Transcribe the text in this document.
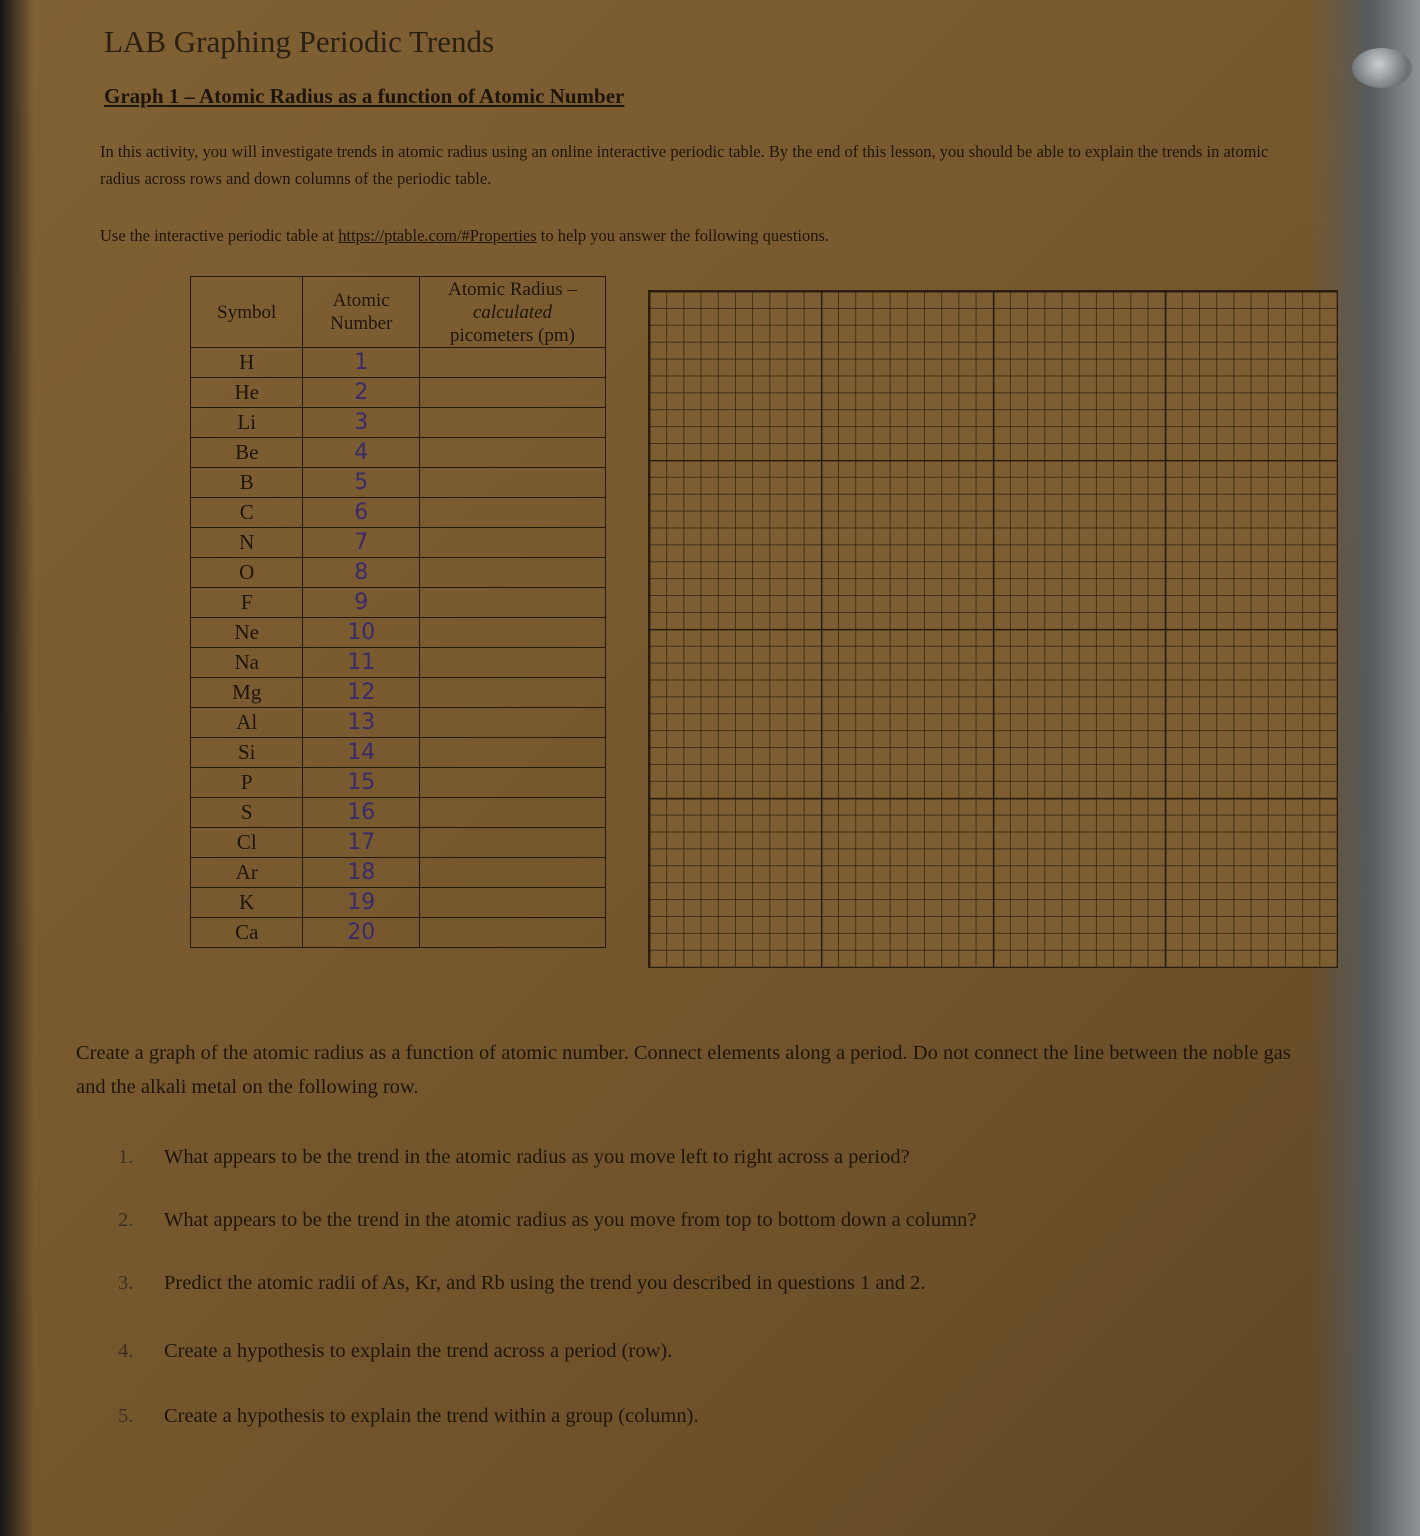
LAB Graphing Periodic Trends
Graph 1 – Atomic Radius as a function of Atomic Number
In this activity, you will investigate trends in atomic radius using an online interactive periodic table. By the end of this lesson, you should be able to explain the trends in atomic radius across rows and down columns of the periodic table.
Use the interactive periodic table at https://ptable.com/#Properties to help you answer the following questions.
Symbol	Atomic Number	Atomic Radius –
calculated
picometers (pm)

H	1	
He	2	
Li	3	
Be	4	
B	5	
C	6	
N	7	
O	8	
F	9	
Ne	10	
Na	11	
Mg	12	
Al	13	
Si	14	
P	15	
S	16	
Cl	17	
Ar	18	
K	19	
Ca	20	
Create a graph of the atomic radius as a function of atomic number. Connect elements along a period. Do not connect the line between the noble gas and the alkali metal on the following row.
1. What appears to be the trend in the atomic radius as you move left to right across a period?
2. What appears to be the trend in the atomic radius as you move from top to bottom down a column?
3. Predict the atomic radii of As, Kr, and Rb using the trend you described in questions 1 and 2.
4. Create a hypothesis to explain the trend across a period (row).
5. Create a hypothesis to explain the trend within a group (column).
